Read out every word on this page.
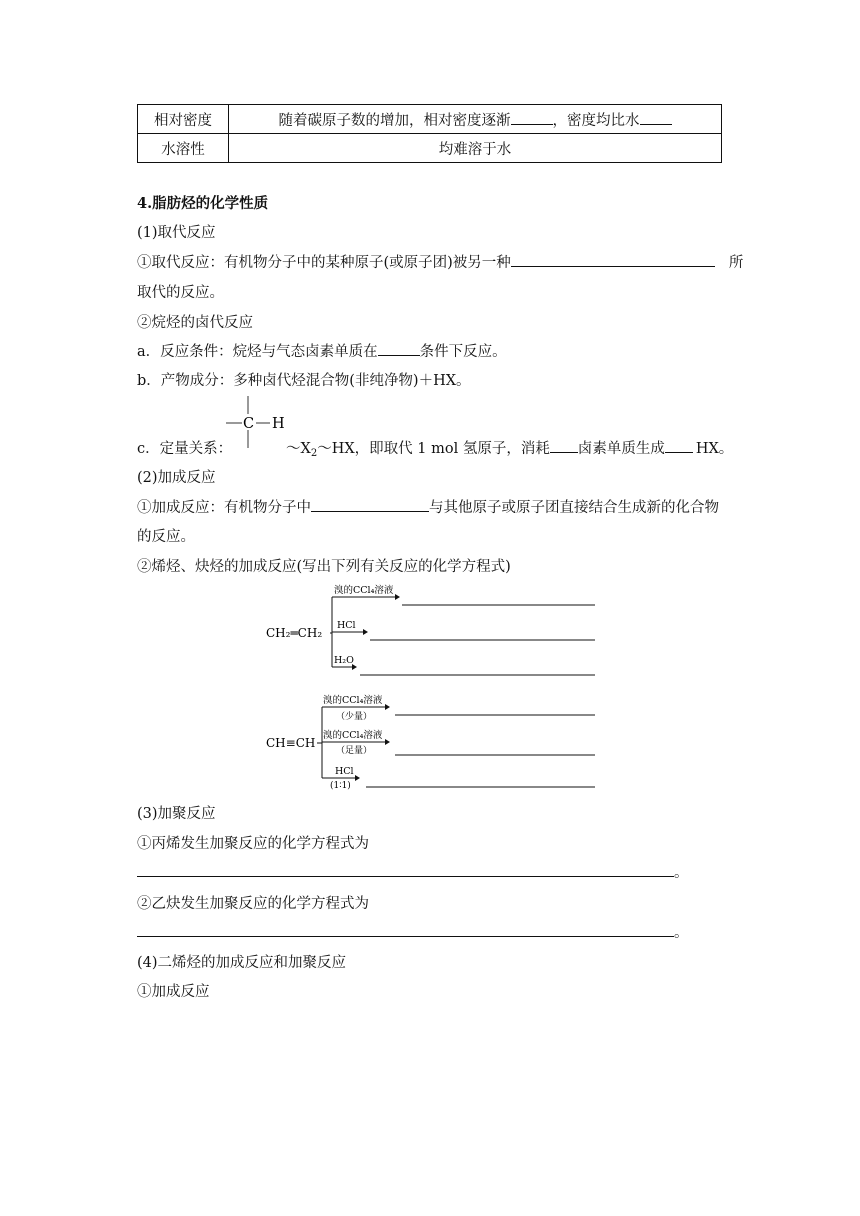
相对密度	随着碳原子数的增加，相对密度逐渐 ，密度均比水
水溶性	均难溶于水
4.脂肪烃的化学性质
(1)取代反应
①取代反应：有机物分子中的某种原子(或原子团)被另一种	所
取代的反应。
②烷烃的卤代反应
a．反应条件：烷烃与气态卤素单质在	条件下反应。
b．产物成分：多种卤代烃混合物(非纯净物)＋HX。
C H
c．定量关系：	$\sim X_2\sim HX$，即取代 1 mol 氢原子，消耗 卤素单质生成 HX。
(2)加成反应
①加成反应：有机物分子中	与其他原子或原子团直接结合生成新的化合物
的反应。
②烯烃、炔烃的加成反应(写出下列有关反应的化学方程式)
CH₂═CH₂
溴的CCl₄溶液
HCl
H₂O
CH≡CH
溴的CCl₄溶液
（少量）
溴的CCl₄溶液
（足量）
HCl
(1∶1)
(3)加聚反应
①丙烯发生加聚反应的化学方程式为
。
②乙炔发生加聚反应的化学方程式为
。
(4)二烯烃的加成反应和加聚反应
①加成反应
